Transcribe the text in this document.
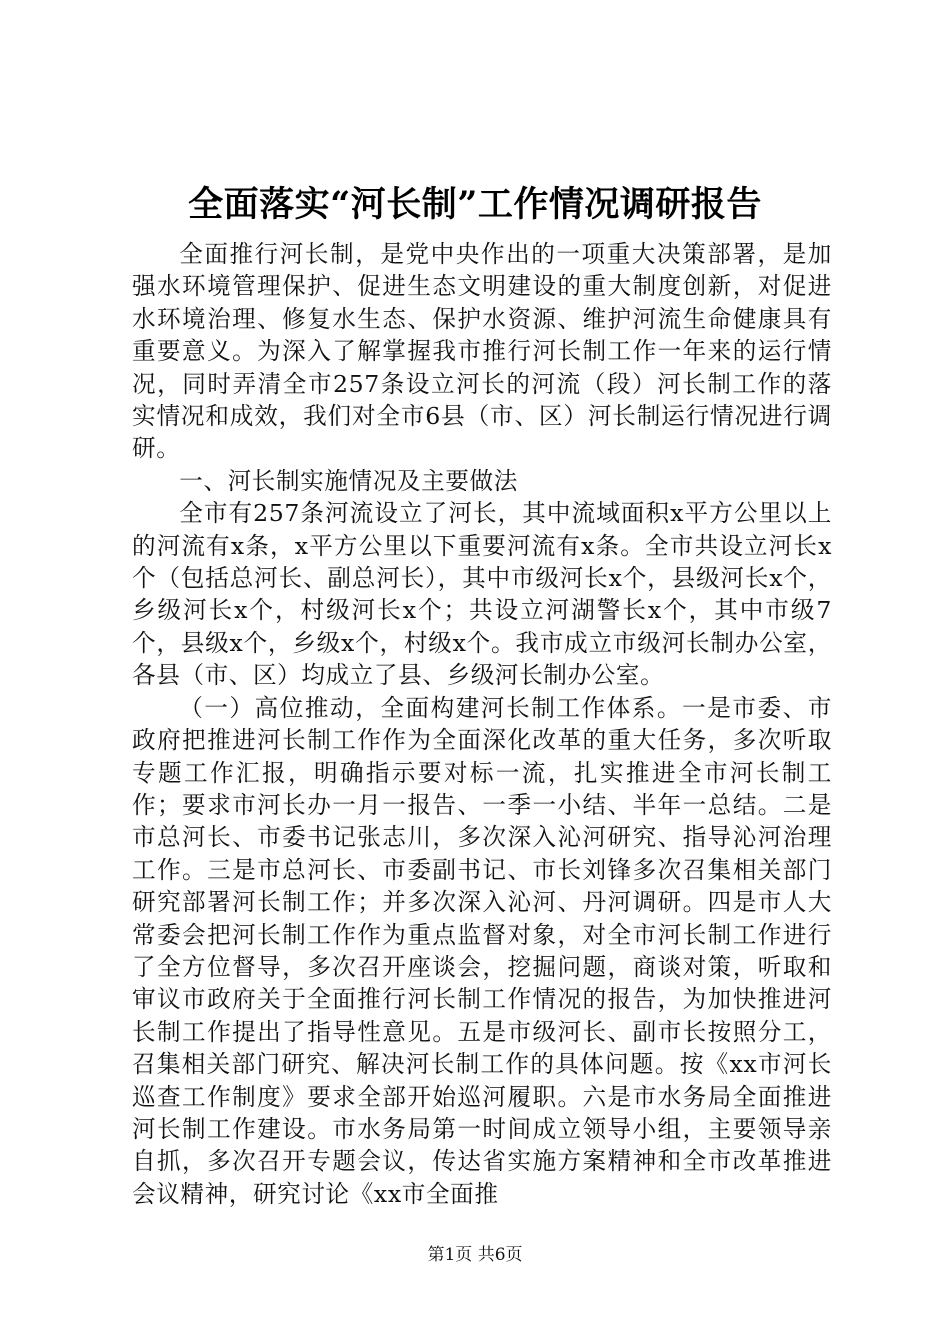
全面落实“河长制”工作情况调研报告

全面推行河长制，是党中央作出的一项重大决策部署，是加强水环境管理保护、促进生态文明建设的重大制度创新，对促进水环境治理、修复水生态、保护水资源、维护河流生命健康具有重要意义。为深入了解掌握我市推行河长制工作一年来的运行情况，同时弄清全市257条设立河长的河流（段）河长制工作的落实情况和成效，我们对全市6县（市、区）河长制运行情况进行调研。

一、河长制实施情况及主要做法

全市有257条河流设立了河长，其中流域面积x平方公里以上的河流有x条，x平方公里以下重要河流有x条。全市共设立河长x个（包括总河长、副总河长），其中市级河长x个，县级河长x个，乡级河长x个，村级河长x个；共设立河湖警长x个，其中市级7个，县级x个，乡级x个，村级x个。我市成立市级河长制办公室，各县（市、区）均成立了县、乡级河长制办公室。

（一）高位推动，全面构建河长制工作体系。一是市委、市政府把推进河长制工作作为全面深化改革的重大任务，多次听取专题工作汇报，明确指示要对标一流，扎实推进全市河长制工作；要求市河长办一月一报告、一季一小结、半年一总结。二是市总河长、市委书记张志川，多次深入沁河研究、指导沁河治理工作。三是市总河长、市委副书记、市长刘锋多次召集相关部门研究部署河长制工作；并多次深入沁河、丹河调研。四是市人大常委会把河长制工作作为重点监督对象，对全市河长制工作进行了全方位督导，多次召开座谈会，挖掘问题，商谈对策，听取和审议市政府关于全面推行河长制工作情况的报告，为加快推进河长制工作提出了指导性意见。五是市级河长、副市长按照分工，召集相关部门研究、解决河长制工作的具体问题。按《xx市河长巡查工作制度》要求全部开始巡河履职。六是市水务局全面推进河长制工作建设。市水务局第一时间成立领导小组，主要领导亲自抓，多次召开专题会议，传达省实施方案精神和全市改革推进会议精神，研究讨论《xx市全面推

第1页 共6页
